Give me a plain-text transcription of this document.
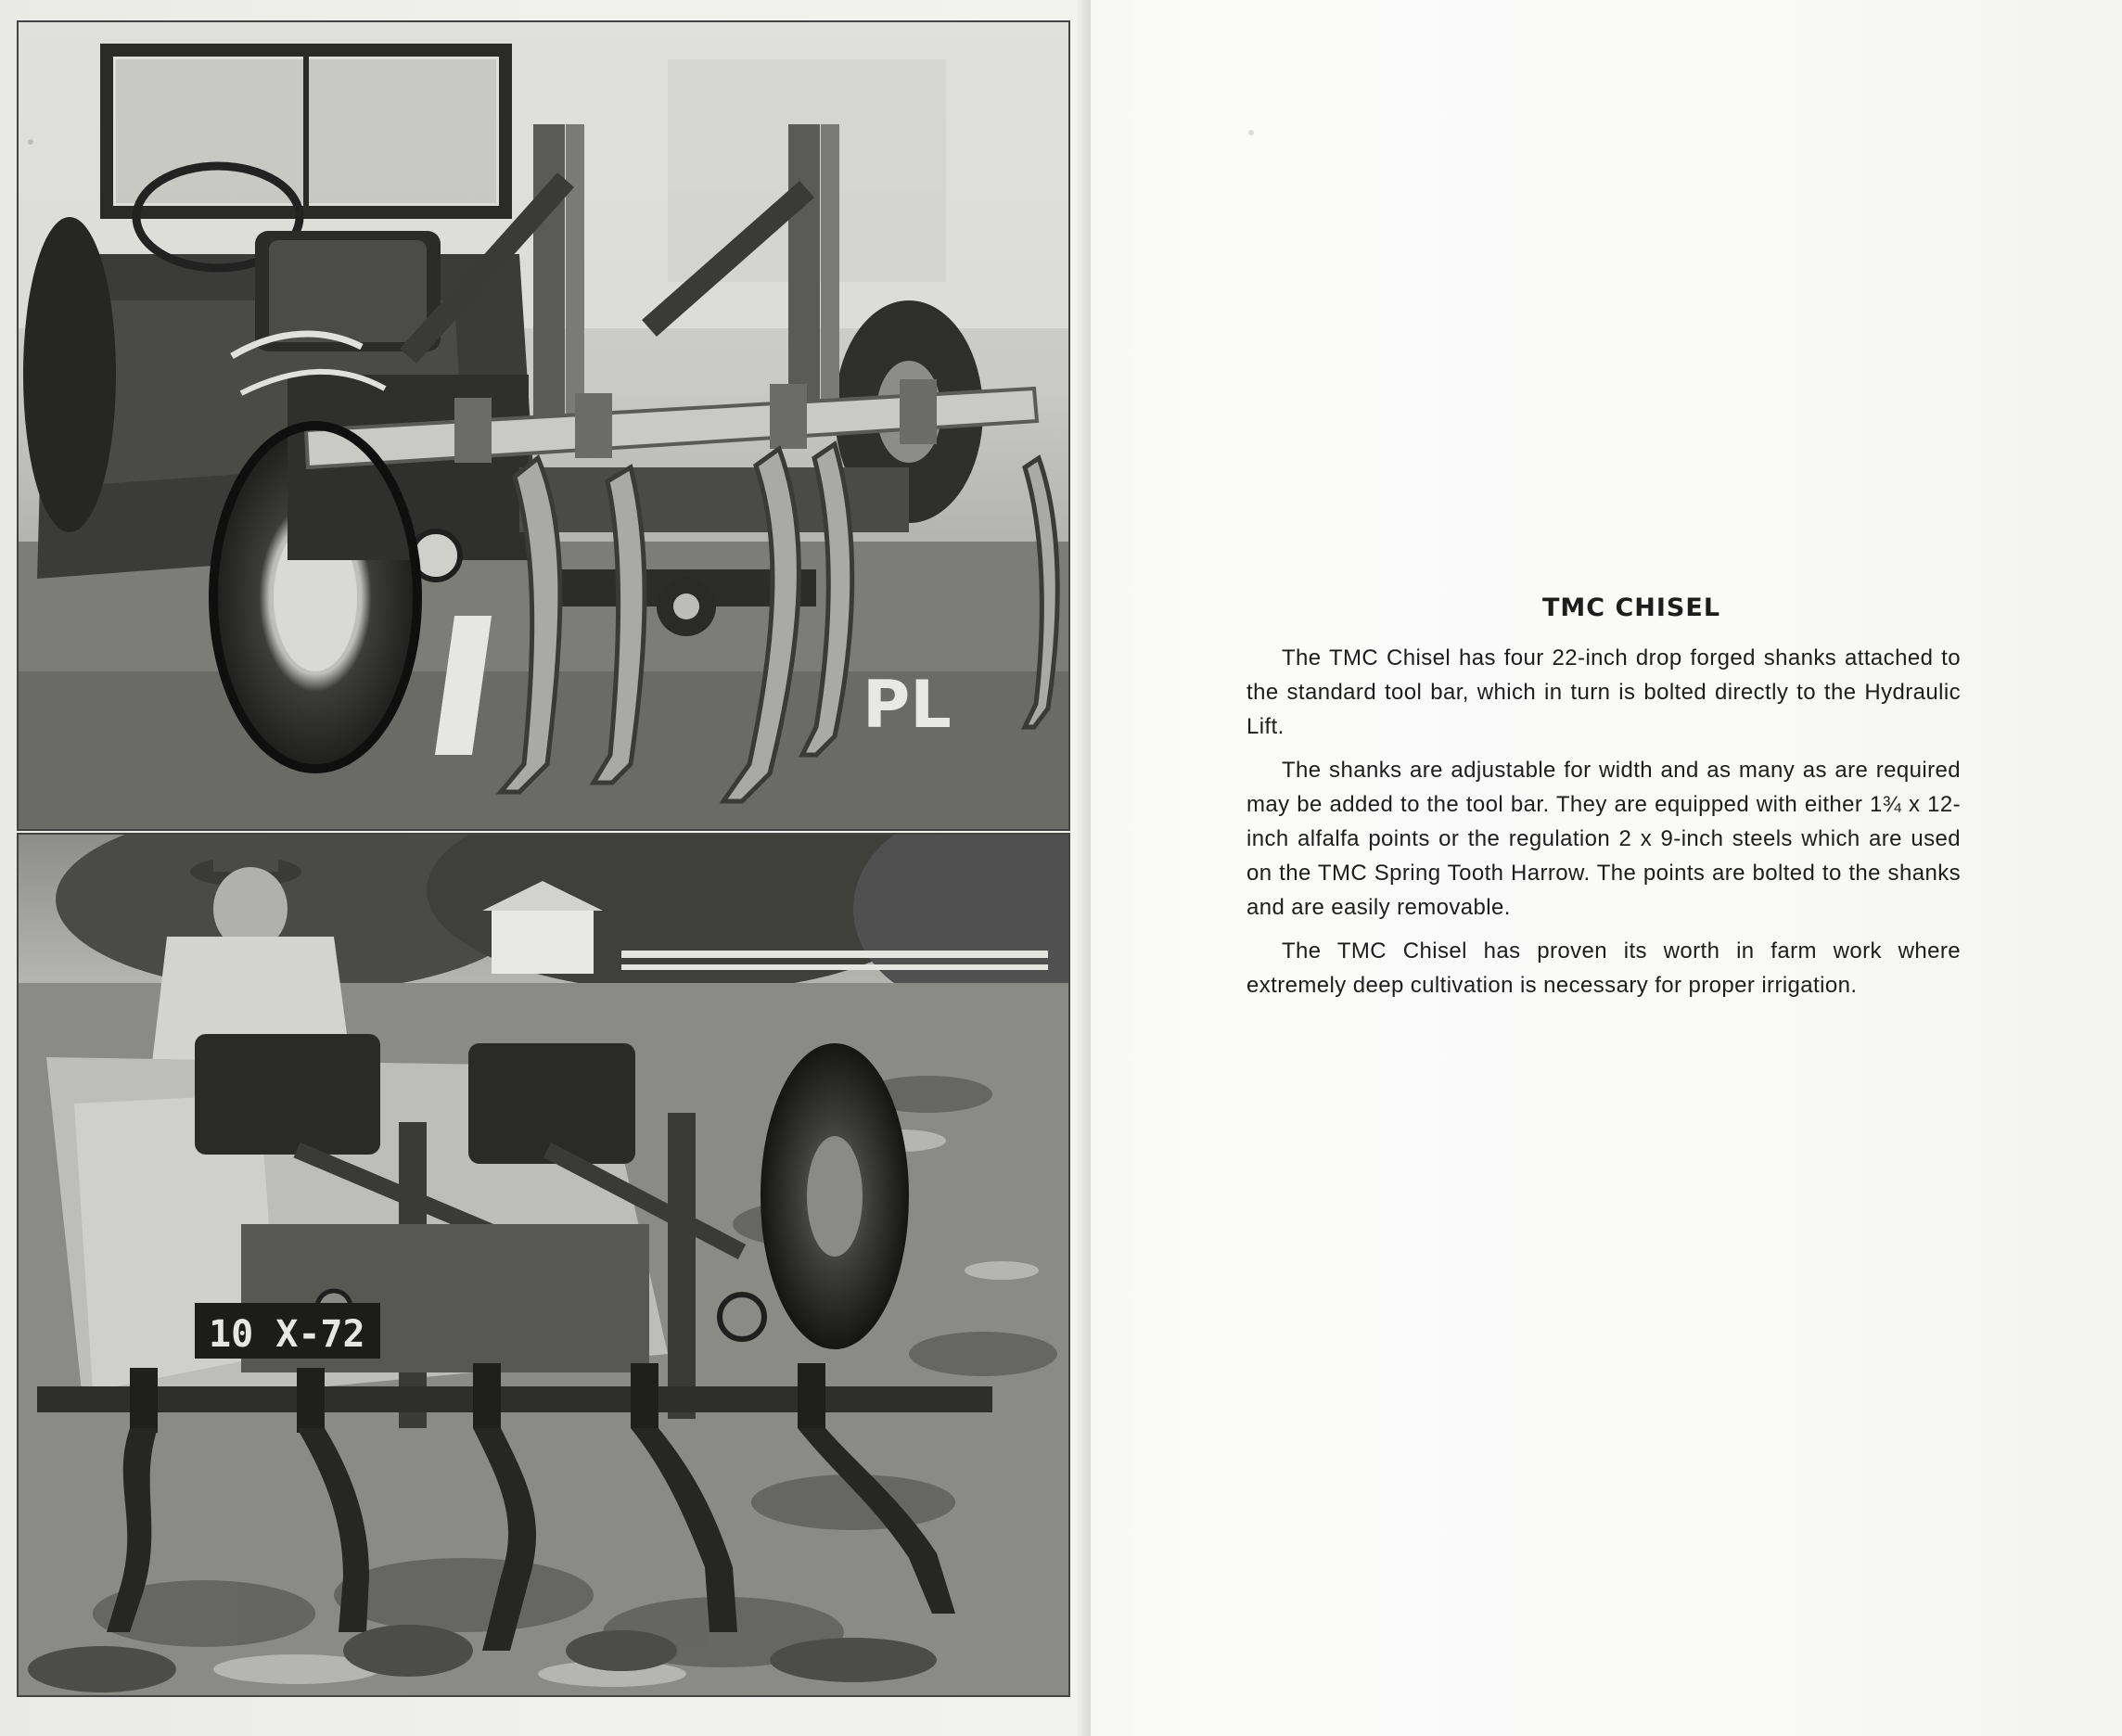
PL
10 X-72
TMC CHISEL

The TMC Chisel has four 22-inch drop forged shanks attached to the standard tool bar, which in turn is bolted directly to the Hydraulic Lift.

The shanks are adjustable for width and as many as are required may be added to the tool bar. They are equipped with either 1¾ x 12-inch alfalfa points or the regulation 2 x 9-inch steels which are used on the TMC Spring Tooth Harrow. The points are bolted to the shanks and are easily removable.

The TMC Chisel has proven its worth in farm work where extremely deep cultivation is necessary for proper irrigation.
